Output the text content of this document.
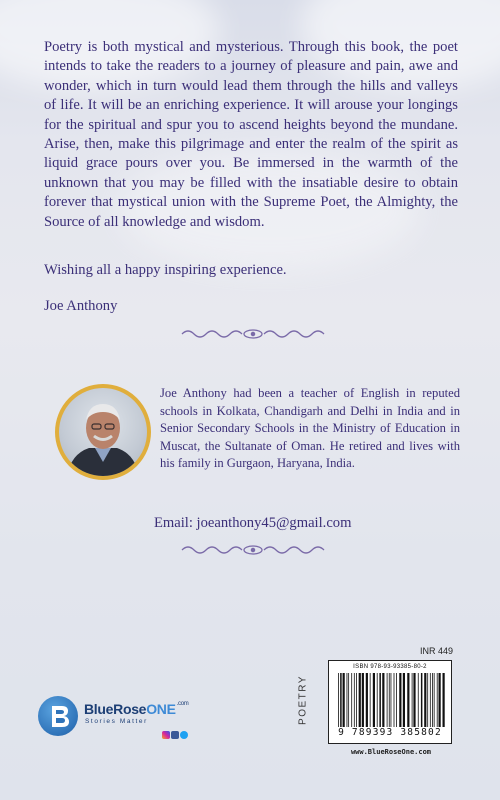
Poetry is both mystical and mysterious. Through this book, the poet intends to take the readers to a journey of pleasure and pain, awe and wonder, which in turn would lead them through the hills and valleys of life. It will be an enriching experience. It will arouse your longings for the spiritual and spur you to ascend heights beyond the mundane. Arise, then, make this pilgrimage and enter the realm of the spirit as liquid grace pours over you. Be immersed in the warmth of the unknown that you may be filled with the insatiable desire to obtain forever that mystical union with the Supreme Poet, the Almighty, the Source of all knowledge and wisdom.

Wishing all a happy inspiring experience.

Joe Anthony

Joe Anthony had been a teacher of English in reputed schools in Kolkata, Chandigarh and Delhi in India and in Senior Secondary Schools in the Ministry of Education in Muscat, the Sultanate of Oman. He retired and lives with his family in Gurgaon, Haryana, India.

Email: joeanthony45@gmail.com

BlueRoseONE$^{.com}$
Stories Matter
INR 449
POETRY
ISBN 978-93-93385-80-2
9 789393 385802
www.BlueRoseOne.com
